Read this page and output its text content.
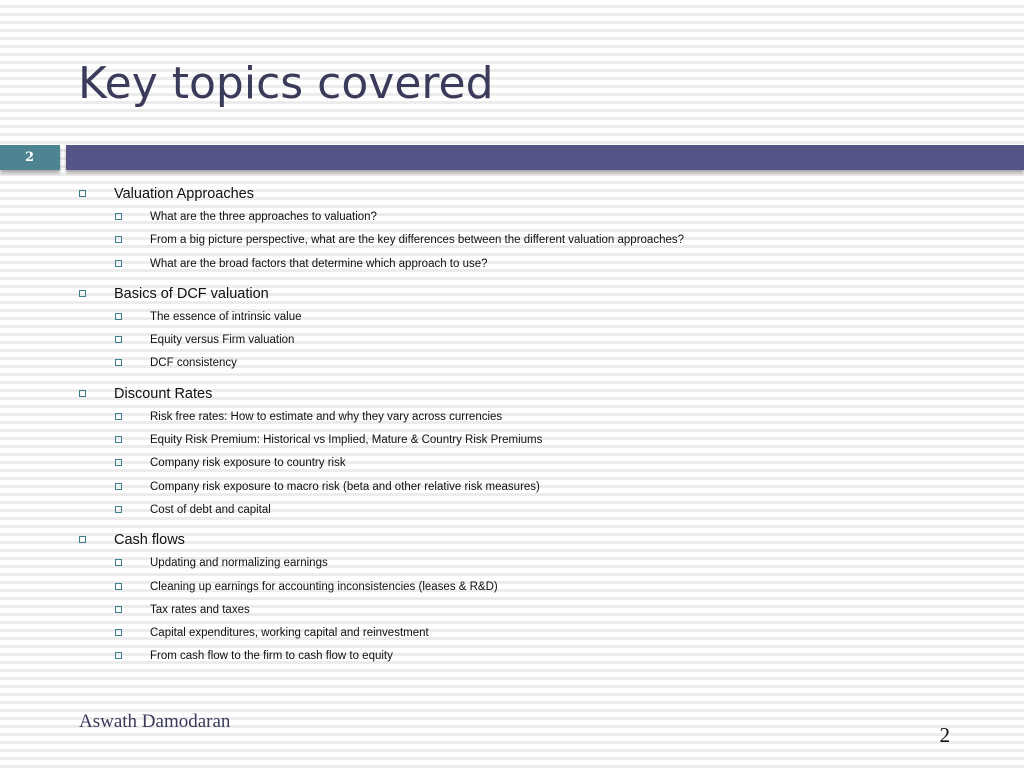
Key topics covered
2
Valuation Approaches
What are the three approaches to valuation?
From a big picture perspective, what are the key differences between the different valuation approaches?
What are the broad factors that determine which approach to use?
Basics of DCF valuation
The essence of intrinsic value
Equity versus Firm valuation
DCF consistency
Discount Rates
Risk free rates: How to estimate and why they vary across currencies
Equity Risk Premium: Historical vs Implied, Mature & Country Risk Premiums
Company risk exposure to country risk
Company risk exposure to macro risk (beta and other relative risk measures)
Cost of debt and capital
Cash flows
Updating and normalizing earnings
Cleaning up earnings for accounting inconsistencies (leases & R&D)
Tax rates and taxes
Capital expenditures, working capital and reinvestment
From cash flow to the firm to cash flow to equity
Aswath Damodaran
2
